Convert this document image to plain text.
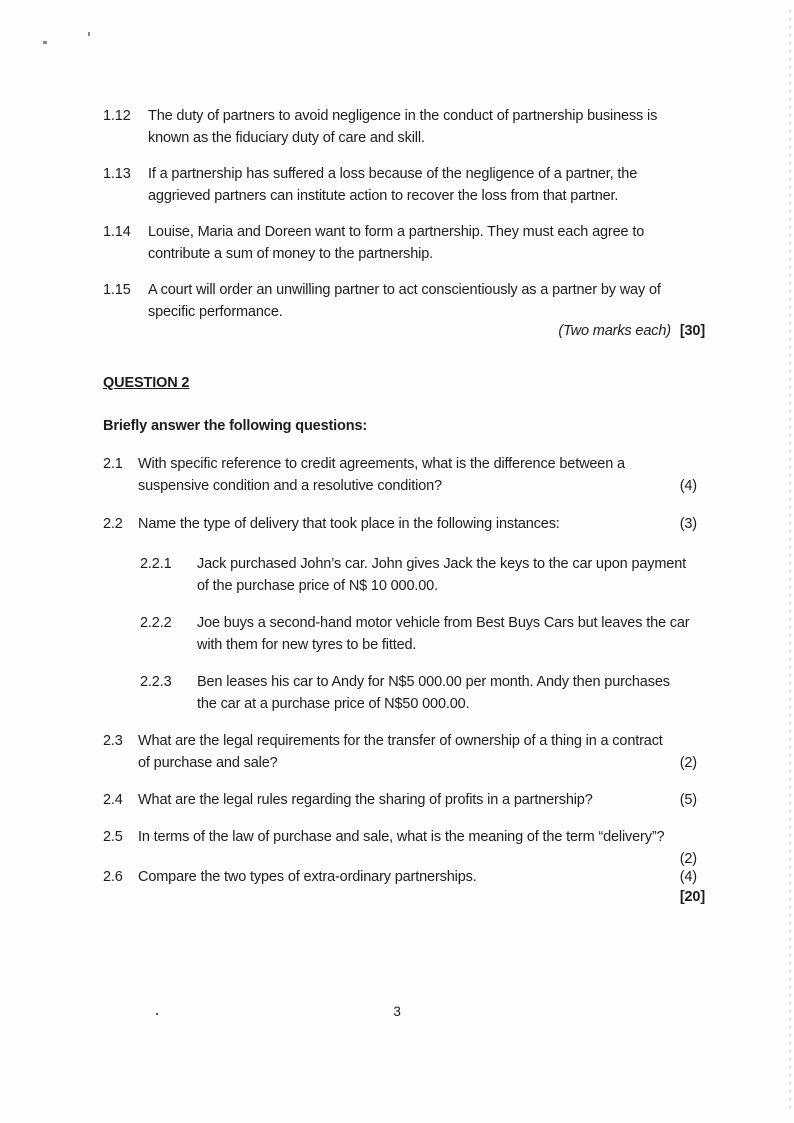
1.12	The duty of partners to avoid negligence in the conduct of partnership business is
known as the fiduciary duty of care and skill.
1.13	If a partnership has suffered a loss because of the negligence of a partner, the
aggrieved partners can institute action to recover the loss from that partner.
1.14	Louise, Maria and Doreen want to form a partnership. They must each agree to
contribute a sum of money to the partnership.
1.15	A court will order an unwilling partner to act conscientiously as a partner by way of
specific performance.
(Two marks each) [30]
QUESTION 2
Briefly answer the following questions:
2.1	With specific reference to credit agreements, what is the difference between a
suspensive condition and a resolutive condition?	(4)
2.2	Name the type of delivery that took place in the following instances:	(3)
2.2.1	Jack purchased John’s car. John gives Jack the keys to the car upon payment
of the purchase price of N$ 10 000.00.
2.2.2	Joe buys a second-hand motor vehicle from Best Buys Cars but leaves the car
with them for new tyres to be fitted.
2.2.3	Ben leases his car to Andy for N$5 000.00 per month. Andy then purchases
the car at a purchase price of N$50 000.00.
2.3	What are the legal requirements for the transfer of ownership of a thing in a contract
of purchase and sale?	(2)
2.4	What are the legal rules regarding the sharing of profits in a partnership?	(5)
2.5	In terms of the law of purchase and sale, what is the meaning of the term “delivery”?
(2)
2.6	Compare the two types of extra-ordinary partnerships.	(4)
[20]
3
